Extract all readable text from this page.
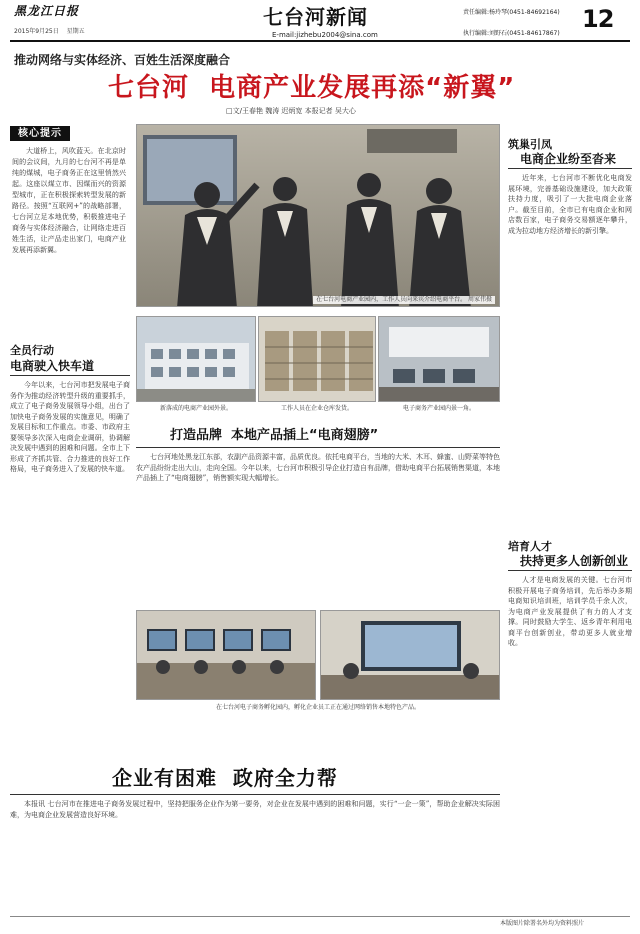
黑龙江日报
2015年9月25日 星期五
七台河新闻
E-mail:jizhebu2004@sina.com
责任编辑:杨玲琴(0451-84692164)
执行编辑:刘野石(0451-84617867)
12
推动网络与实体经济、百姓生活深度融合
七台河  电商产业发展再添“新翼”
□文/王春艳 魏涛 迟炳宽 本报记者 吴大心
核心提示
大道桥上，风吹蓝天。在北京时间的会议间，九月的七台河不再是单纯的煤城，电子商务正在这里悄然兴起。这座以煤立市、因煤而兴的资源型城市，正在积极探索转型发展的新路径。按照“互联网+”的战略部署，七台河立足本地优势，积极推进电子商务与实体经济融合，让网络走进百姓生活，让产品走出家门，电商产业发展再添新翼。
在七台河电商产业园内，工作人员向来宾介绍电商平台。 周家伟摄
筑巢引凤
电商企业纷至沓来
近年来，七台河市不断优化电商发展环境，完善基础设施建设，加大政策扶持力度，吸引了一大批电商企业落户。截至目前，全市已有电商企业和网店数百家，电子商务交易额逐年攀升，成为拉动地方经济增长的新引擎。
全员行动
电商驶入快车道
今年以来，七台河市把发展电子商务作为推动经济转型升级的重要抓手，成立了电子商务发展领导小组，出台了加快电子商务发展的实施意见，明确了发展目标和工作重点。市委、市政府主要领导多次深入电商企业调研，协调解决发展中遇到的困难和问题。全市上下形成了齐抓共管、合力推进的良好工作格局，电子商务进入了发展的快车道。
新落成的电商产业园外景。	工作人员在企业仓库发货。	电子商务产业园内景一角。
打造品牌  本地产品插上“电商翅膀”
七台河地处黑龙江东部，农副产品资源丰富，品质优良。依托电商平台，当地的大米、木耳、蜂蜜、山野菜等特色农产品纷纷走出大山，走向全国。今年以来，七台河市积极引导企业打造自有品牌，借助电商平台拓展销售渠道，本地产品插上了“电商翅膀”，销售额实现大幅增长。
在七台河电子商务孵化园内，孵化企业员工正在通过网络销售本地特色产品。
培育人才
扶持更多人创新创业
人才是电商发展的关键。七台河市积极开展电子商务培训，先后举办多期电商知识培训班，培训学员千余人次，为电商产业发展提供了有力的人才支撑。同时鼓励大学生、返乡青年利用电商平台创新创业，带动更多人就业增收。
企业有困难  政府全力帮
本报讯 七台河市在推进电子商务发展过程中，坚持把服务企业作为第一要务，对企业在发展中遇到的困难和问题，实行“一企一策”，帮助企业解决实际困难，为电商企业发展营造良好环境。
本版图片除署名外均为资料照片
